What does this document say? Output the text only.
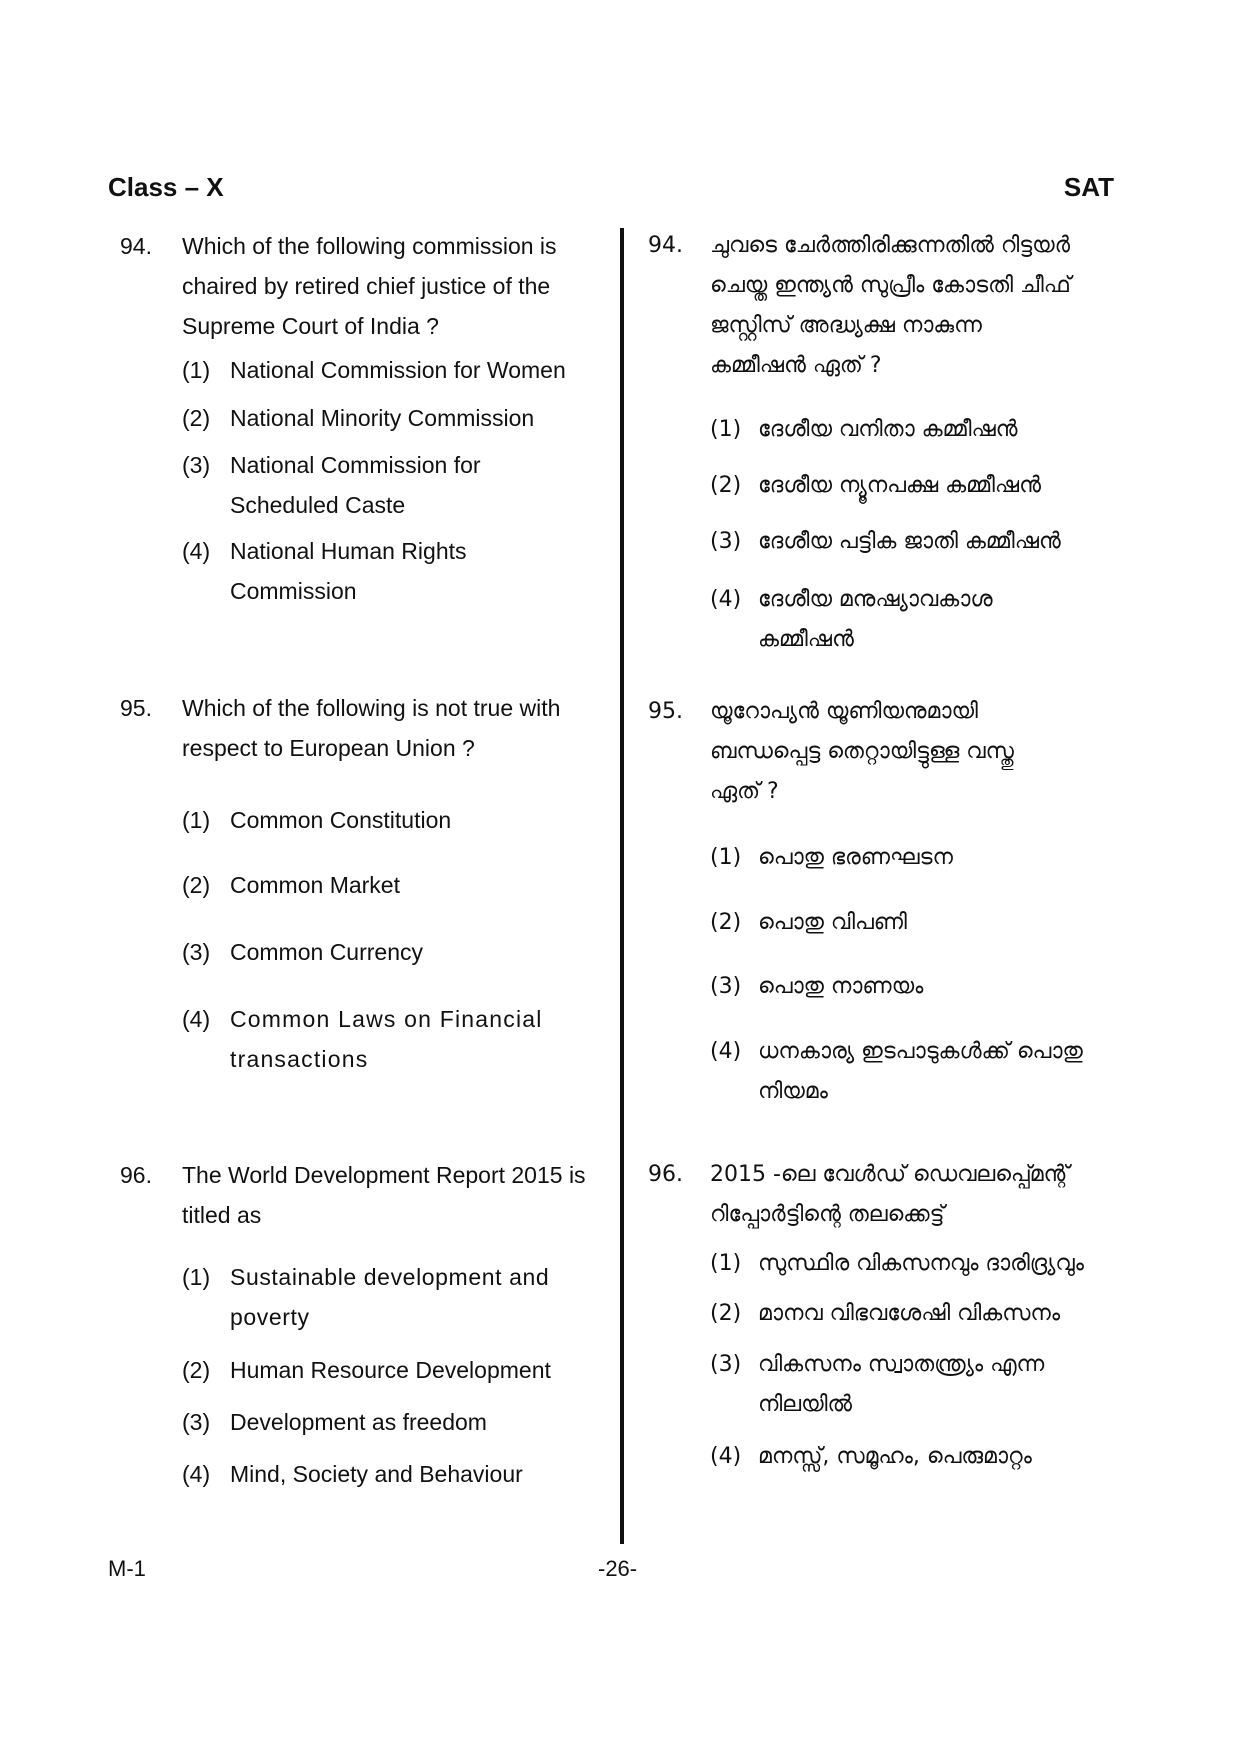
Class – X	SAT
94.	Which of the following commission is chaired by retired chief justice of the Supreme Court of India ?
(1) National Commission for Women
(2) National Minority Commission
(3) National Commission for Scheduled Caste
(4) National Human Rights Commission
95.	Which of the following is not true with respect to European Union ?
(1) Common Constitution
(2) Common Market
(3) Common Currency
(4) Common Laws on Financial transactions
96.	The World Development Report 2015 is titled as
(1) Sustainable development and poverty
(2) Human Resource Development
(3) Development as freedom
(4) Mind, Society and Behaviour
94.	ചുവടെ ചേർത്തിരിക്കുന്നതിൽ റിട്ടയർ ചെയ്ത ഇന്ത്യൻ സുപ്രീം കോടതി ചീഫ് ജസ്റ്റിസ് അദ്ധ്യക്ഷ നാകുന്ന കമ്മീഷൻ ഏത് ?
(1) ദേശീയ വനിതാ കമ്മീഷൻ
(2) ദേശീയ ന്യൂനപക്ഷ കമ്മീഷൻ
(3) ദേശീയ പട്ടിക ജാതി കമ്മീഷൻ
(4) ദേശീയ മനുഷ്യാവകാശ കമ്മീഷൻ
95.	യൂറോപ്യൻ യൂണിയനുമായി ബന്ധപ്പെട്ട തെറ്റായിട്ടുള്ള വസ്തു ഏത് ?
(1) പൊതു ഭരണഘടന
(2) പൊതു വിപണി
(3) പൊതു നാണയം
(4) ധനകാര്യ ഇടപാടുകൾക്ക് പൊതു നിയമം
96.	2015 -ലെ വേൾഡ് ഡെവലപ്പ്മെന്റ് റിപ്പോർട്ടിന്റെ തലക്കെട്ട്
(1) സുസ്ഥിര വികസനവും ദാരിദ്ര്യവും
(2) മാനവ വിഭവശേഷി വികസനം
(3) വികസനം സ്വാതന്ത്ര്യം എന്ന നിലയിൽ
(4) മനസ്സ്, സമൂഹം, പെരുമാറ്റം
M-1	-26-
